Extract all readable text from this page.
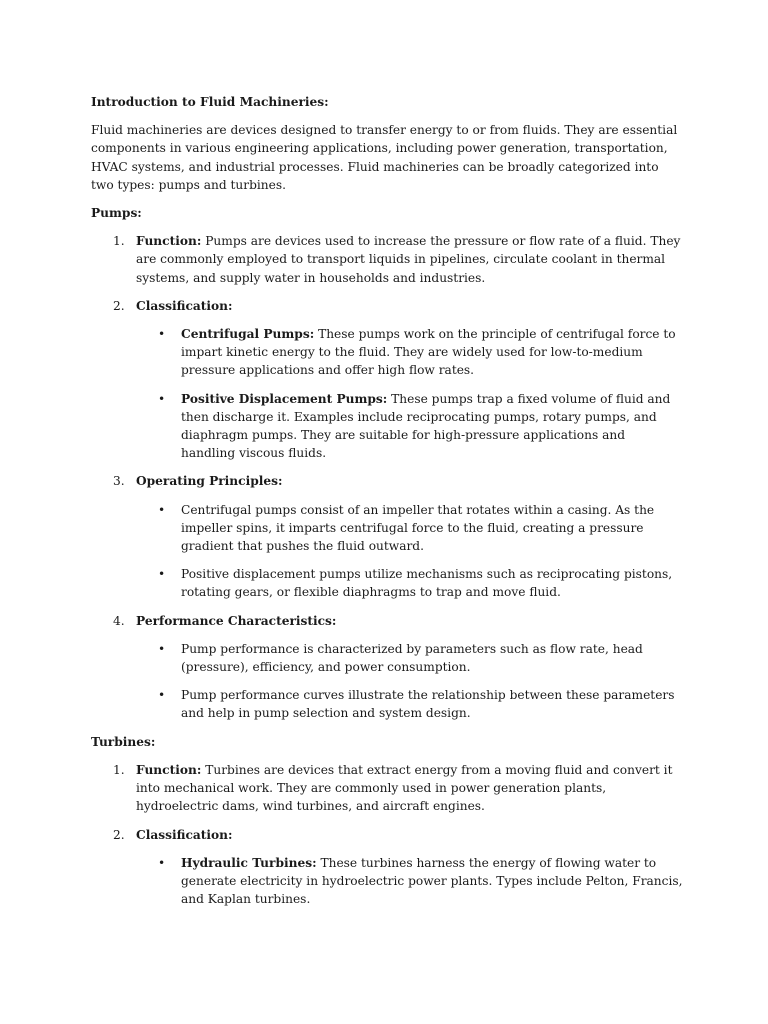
Introduction to Fluid Machineries:

Fluid machineries are devices designed to transfer energy to or from fluids. They are essential components in various engineering applications, including power generation, transportation, HVAC systems, and industrial processes. Fluid machineries can be broadly categorized into two types: pumps and turbines.

Pumps:

1. Function: Pumps are devices used to increase the pressure or flow rate of a fluid. They are commonly employed to transport liquids in pipelines, circulate coolant in thermal systems, and supply water in households and industries.
2. Classification:
• Centrifugal Pumps: These pumps work on the principle of centrifugal force to impart kinetic energy to the fluid. They are widely used for low-to-medium pressure applications and offer high flow rates.
• Positive Displacement Pumps: These pumps trap a fixed volume of fluid and then discharge it. Examples include reciprocating pumps, rotary pumps, and diaphragm pumps. They are suitable for high-pressure applications and handling viscous fluids.
3. Operating Principles:
• Centrifugal pumps consist of an impeller that rotates within a casing. As the impeller spins, it imparts centrifugal force to the fluid, creating a pressure gradient that pushes the fluid outward.
• Positive displacement pumps utilize mechanisms such as reciprocating pistons, rotating gears, or flexible diaphragms to trap and move fluid.
4. Performance Characteristics:
• Pump performance is characterized by parameters such as flow rate, head (pressure), efficiency, and power consumption.
• Pump performance curves illustrate the relationship between these parameters and help in pump selection and system design.

Turbines:

1. Function: Turbines are devices that extract energy from a moving fluid and convert it into mechanical work. They are commonly used in power generation plants, hydroelectric dams, wind turbines, and aircraft engines.
2. Classification:
• Hydraulic Turbines: These turbines harness the energy of flowing water to generate electricity in hydroelectric power plants. Types include Pelton, Francis, and Kaplan turbines.
